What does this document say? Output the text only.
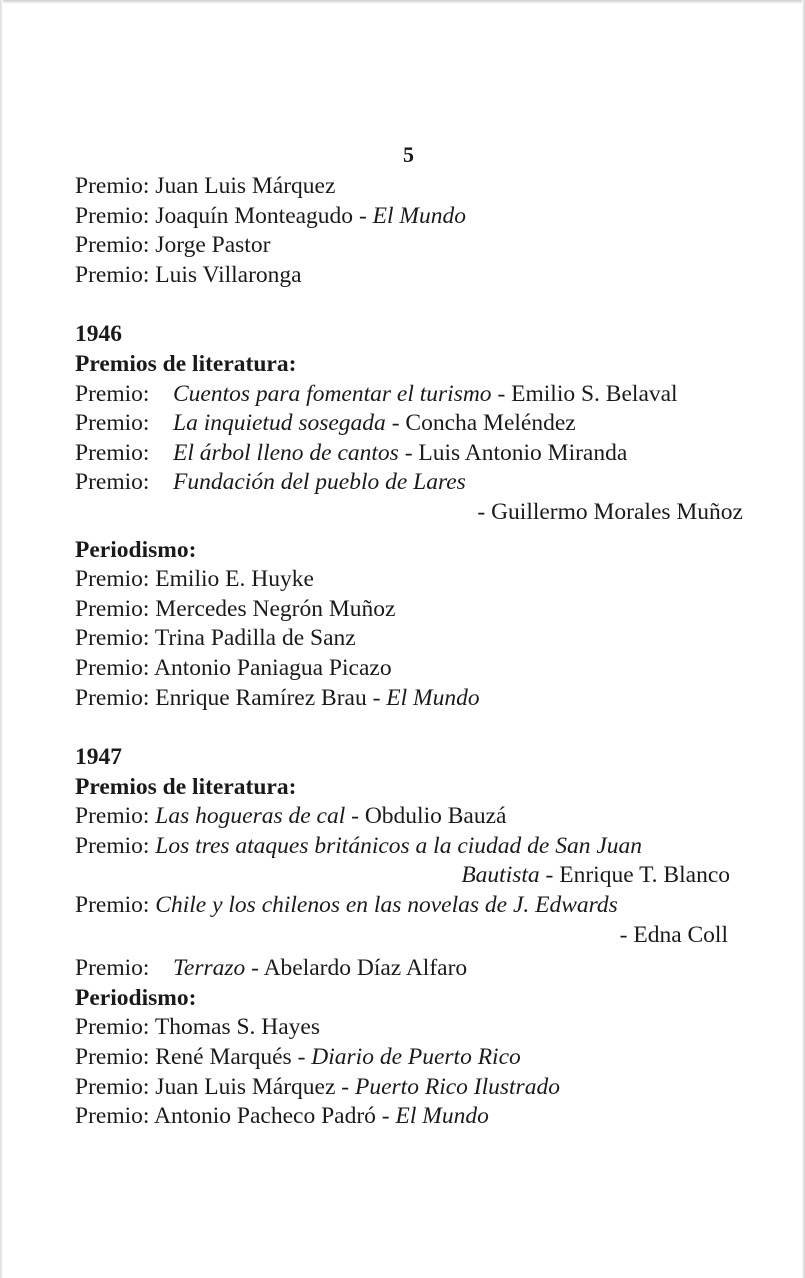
5
Premio: Juan Luis Márquez
Premio: Joaquín Monteagudo - El Mundo
Premio: Jorge Pastor
Premio: Luis Villaronga
1946
Premios de literatura:
Premio: Cuentos para fomentar el turismo - Emilio S. Belaval
Premio: La inquietud sosegada - Concha Meléndez
Premio: El árbol lleno de cantos - Luis Antonio Miranda
Premio: Fundación del pueblo de Lares
- Guillermo Morales Muñoz
Periodismo:
Premio: Emilio E. Huyke
Premio: Mercedes Negrón Muñoz
Premio: Trina Padilla de Sanz
Premio: Antonio Paniagua Picazo
Premio: Enrique Ramírez Brau - El Mundo
1947
Premios de literatura:
Premio: Las hogueras de cal - Obdulio Bauzá
Premio: Los tres ataques británicos a la ciudad de San Juan
Bautista - Enrique T. Blanco
Premio: Chile y los chilenos en las novelas de J. Edwards
- Edna Coll
Premio: Terrazo - Abelardo Díaz Alfaro
Periodismo:
Premio: Thomas S. Hayes
Premio: René Marqués - Diario de Puerto Rico
Premio: Juan Luis Márquez - Puerto Rico Ilustrado
Premio: Antonio Pacheco Padró - El Mundo
